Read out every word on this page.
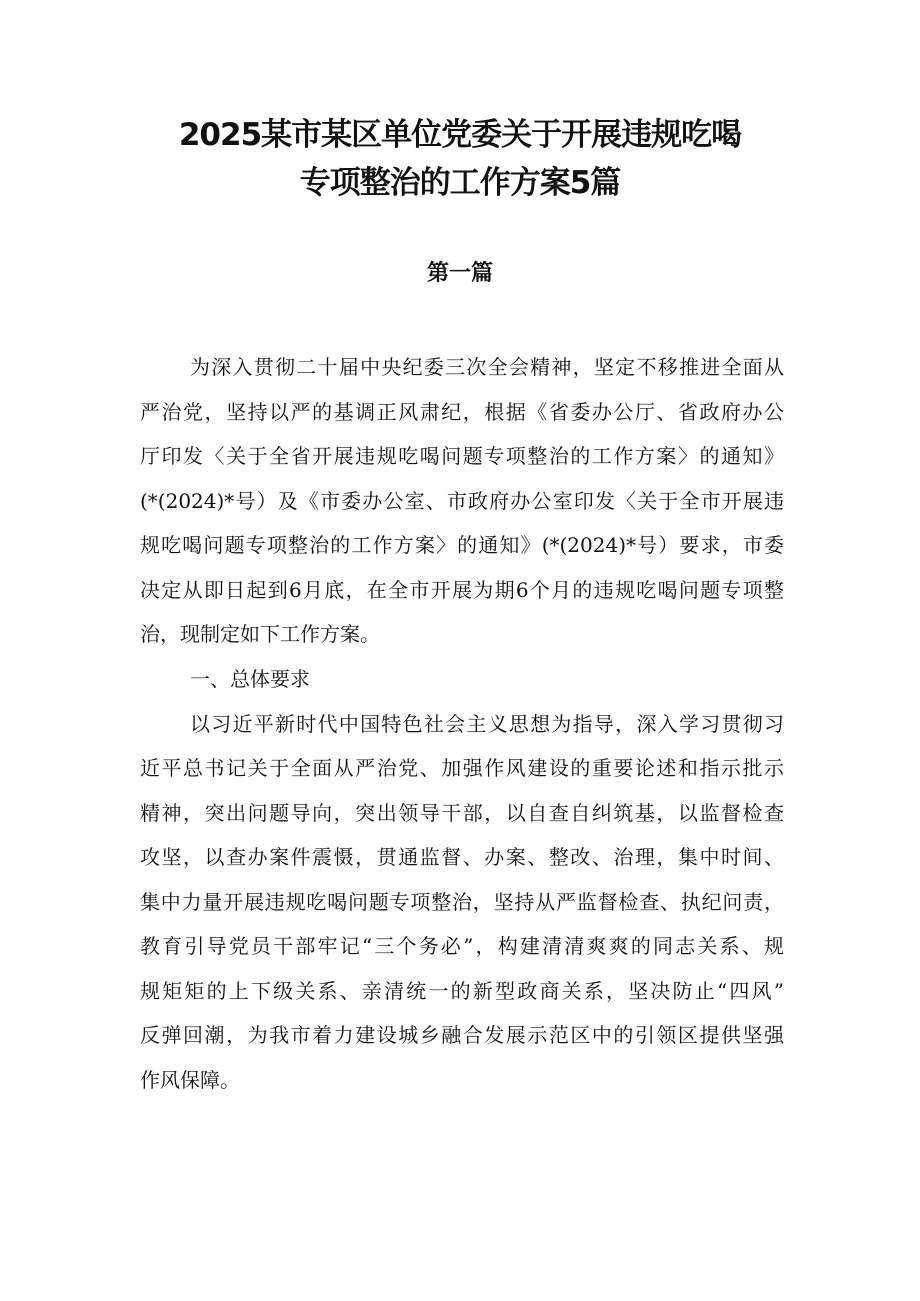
2025某市某区单位党委关于开展违规吃喝
专项整治的工作方案5篇
第一篇
为深入贯彻二十届中央纪委三次全会精神，坚定不移推进全面从
严治党，坚持以严的基调正风肃纪，根据《省委办公厅、省政府办公
厅印发〈关于全省开展违规吃喝问题专项整治的工作方案〉的通知》
(*(2024)*号）及《市委办公室、市政府办公室印发〈关于全市开展违
规吃喝问题专项整治的工作方案〉的通知》(*(2024)*号）要求，市委
决定从即日起到6月底，在全市开展为期6个月的违规吃喝问题专项整
治，现制定如下工作方案。
一、总体要求
以习近平新时代中国特色社会主义思想为指导，深入学习贯彻习
近平总书记关于全面从严治党、加强作风建设的重要论述和指示批示
精神，突出问题导向，突出领导干部，以自查自纠筑基，以监督检查
攻坚，以查办案件震慑，贯通监督、办案、整改、治理，集中时间、
集中力量开展违规吃喝问题专项整治，坚持从严监督检查、执纪问责，
教育引导党员干部牢记“三个务必”，构建清清爽爽的同志关系、规
规矩矩的上下级关系、亲清统一的新型政商关系，坚决防止“四风”
反弹回潮，为我市着力建设城乡融合发展示范区中的引领区提供坚强
作风保障。
